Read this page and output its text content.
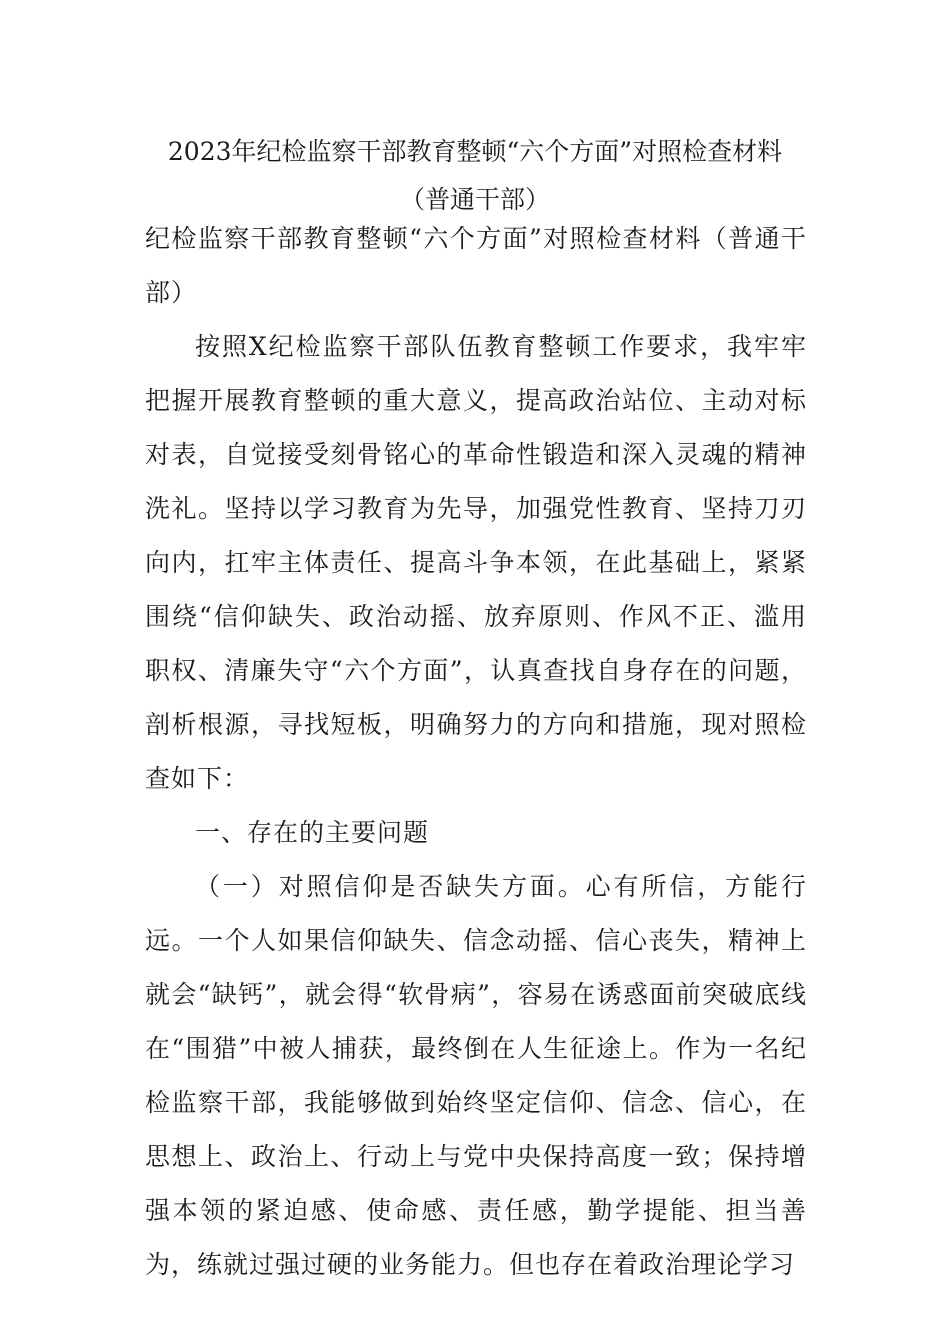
2023年纪检监察干部教育整顿“六个方面”对照检查材料
（普通干部）

纪检监察干部教育整顿“六个方面”对照检查材料（普通干部）

按照X纪检监察干部队伍教育整顿工作要求，我牢牢把握开展教育整顿的重大意义，提高政治站位、主动对标对表，自觉接受刻骨铭心的革命性锻造和深入灵魂的精神洗礼。坚持以学习教育为先导，加强党性教育、坚持刀刃向内，扛牢主体责任、提高斗争本领，在此基础上，紧紧围绕“信仰缺失、政治动摇、放弃原则、作风不正、滥用职权、清廉失守“六个方面”，认真查找自身存在的问题，剖析根源，寻找短板，明确努力的方向和措施，现对照检查如下：

一、存在的主要问题

（一）对照信仰是否缺失方面。心有所信，方能行远。一个人如果信仰缺失、信念动摇、信心丧失，精神上就会“缺钙”，就会得“软骨病”，容易在诱惑面前突破底线在“围猎”中被人捕获，最终倒在人生征途上。作为一名纪检监察干部，我能够做到始终坚定信仰、信念、信心，在思想上、政治上、行动上与党中央保持高度一致；保持增强本领的紧迫感、使命感、责任感，勤学提能、担当善为，练就过强过硬的业务能力。但也存在着政治理论学习
